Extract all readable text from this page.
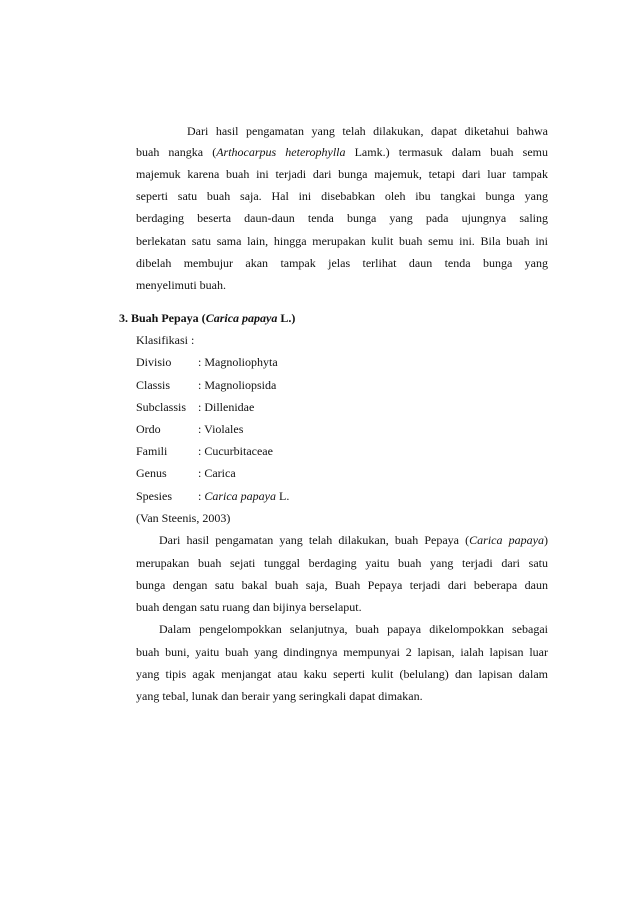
Dari hasil pengamatan yang telah dilakukan, dapat diketahui bahwa
buah nangka (Arthocarpus heterophylla Lamk.) termasuk dalam buah semu
majemuk karena buah ini terjadi dari bunga majemuk, tetapi dari luar tampak
seperti satu buah saja. Hal ini disebabkan oleh ibu tangkai bunga yang
berdaging beserta daun-daun tenda bunga yang pada ujungnya saling
berlekatan satu sama lain, hingga merupakan kulit buah semu ini. Bila buah ini
dibelah membujur akan tampak jelas terlihat daun tenda bunga yang
menyelimuti buah.
3. Buah Pepaya (Carica papaya L.)
Klasifikasi :
Divisio	: Magnoliophyta
Classis	: Magnoliopsida
Subclassis : Dillenidae
Ordo	: Violales
Famili	: Cucurbitaceae
Genus	: Carica
Spesies	: Carica papaya L.
(Van Steenis, 2003)
Dari hasil pengamatan yang telah dilakukan, buah Pepaya (Carica papaya)
merupakan buah sejati tunggal berdaging yaitu buah yang terjadi dari satu
bunga dengan satu bakal buah saja, Buah Pepaya terjadi dari beberapa daun
buah dengan satu ruang dan bijinya berselaput.
Dalam pengelompokkan selanjutnya, buah papaya dikelompokkan sebagai
buah buni, yaitu buah yang dindingnya mempunyai 2 lapisan, ialah lapisan luar
yang tipis agak menjangat atau kaku seperti kulit (belulang) dan lapisan dalam
yang tebal, lunak dan berair yang seringkali dapat dimakan.
